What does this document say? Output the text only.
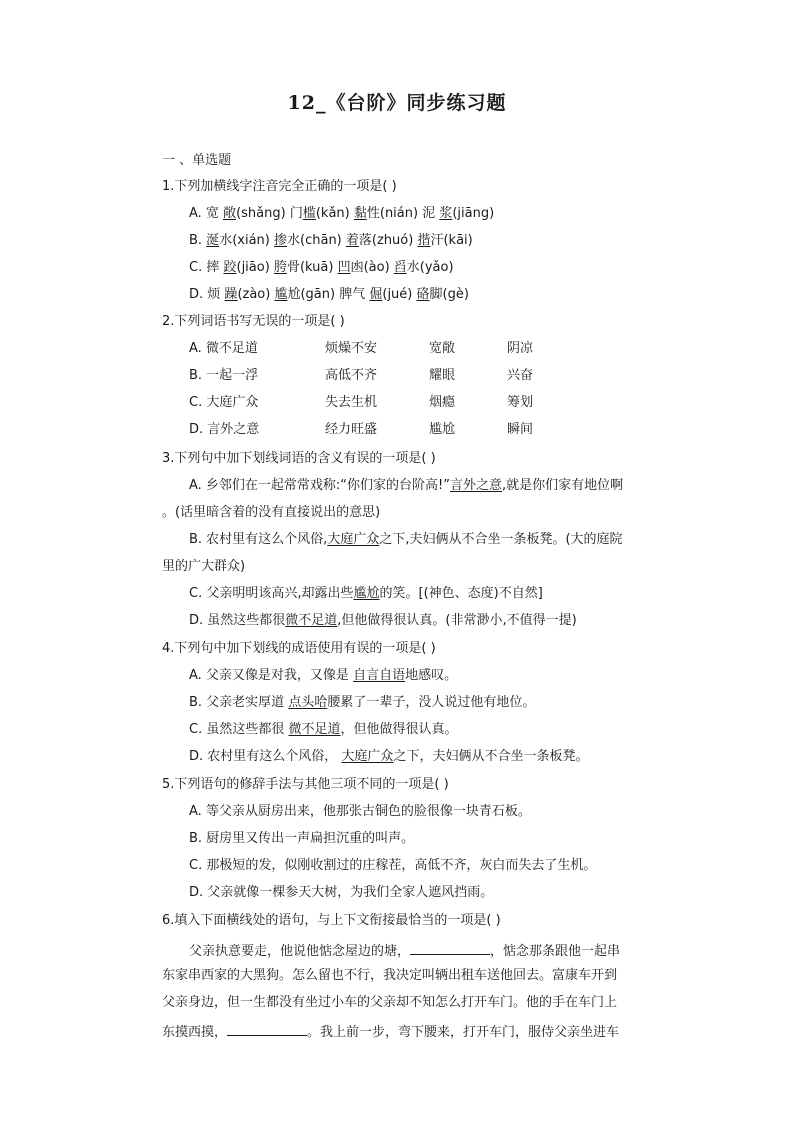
12_《台阶》同步练习题
一 、单选题
1.下列加横线字注音完全正确的一项是( )
A. 宽 敞(shǎng) 门槛(kǎn) 黏性(nián) 泥 浆(jiāng)
B. 涎水(xián) 掺水(chān) 着落(zhuó) 揩汗(kāi)
C. 摔 跤(jiāo) 胯骨(kuā) 凹凼(ào) 舀水(yǎo)
D. 烦 躁(zào) 尴尬(gān) 脾气 倔(jué) 硌脚(gè)
2.下列词语书写无误的一项是( )
A. 微不足道	烦燥不安	宽敞	阴凉
B. 一起一浮	高低不齐	耀眼	兴奋
C. 大庭广众	失去生机	烟瘾	筹划
D. 言外之意	经力旺盛	尴尬	瞬间
3.下列句中加下划线词语的含义有误的一项是( )
A. 乡邻们在一起常常戏称:“你们家的台阶高!”言外之意,就是你们家有地位啊
。(话里暗含着的没有直接说出的意思)
B. 农村里有这么个风俗,大庭广众之下,夫妇俩从不合坐一条板凳。(大的庭院
里的广大群众)
C. 父亲明明该高兴,却露出些尴尬的笑。[(神色、态度)不自然]
D. 虽然这些都很微不足道,但他做得很认真。(非常渺小,不值得一提)
4.下列句中加下划线的成语使用有误的一项是( )
A. 父亲又像是对我，又像是 自言自语地感叹。
B. 父亲老实厚道 点头哈腰累了一辈子，没人说过他有地位。
C. 虽然这些都很 微不足道，但他做得很认真。
D. 农村里有这么个风俗， 大庭广众之下，夫妇俩从不合坐一条板凳。
5.下列语句的修辞手法与其他三项不同的一项是( )
A. 等父亲从厨房出来，他那张古铜色的脸很像一块青石板。
B. 厨房里又传出一声扁担沉重的叫声。
C. 那极短的发，似刚收割过的庄稼茬，高低不齐，灰白而失去了生机。
D. 父亲就像一棵参天大树，为我们全家人遮风挡雨。
6.填入下面横线处的语句，与上下文衔接最恰当的一项是( )
父亲执意要走，他说他惦念屋边的塘，	，惦念那条跟他一起串
东家串西家的大黑狗。怎么留也不行，我决定叫辆出租车送他回去。富康车开到
父亲身边，但一生都没有坐过小车的父亲却不知怎么打开车门。他的手在车门上
东摸西摸，	。我上前一步，弯下腰来，打开车门，服侍父亲坐进车
